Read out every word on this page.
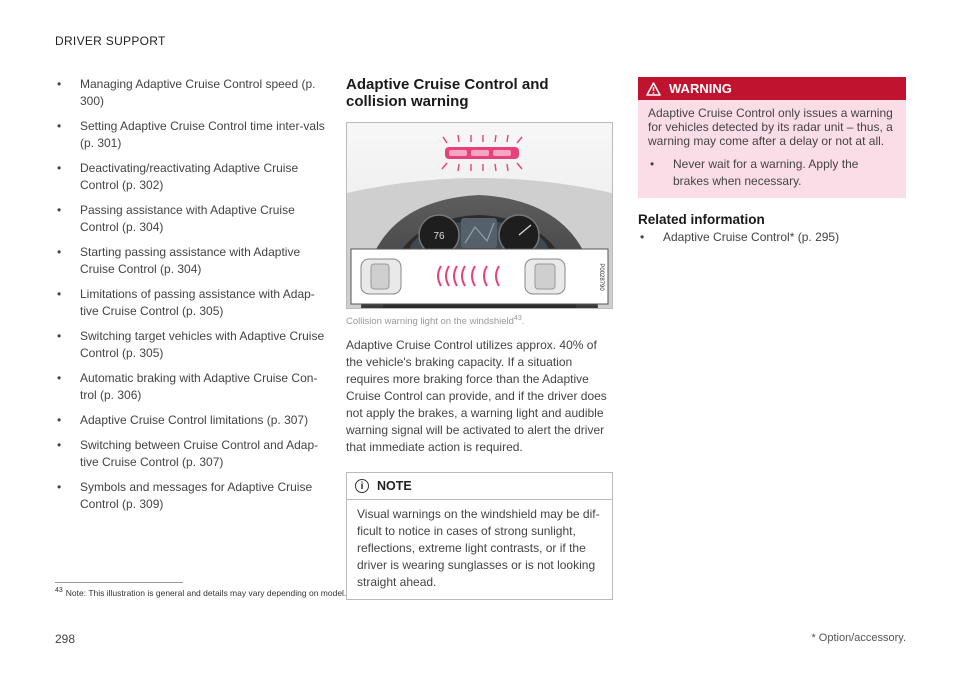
DRIVER SUPPORT
•	Managing Adaptive Cruise Control speed (p. 300)
•	Setting Adaptive Cruise Control time inter-vals (p. 301)
•	Deactivating/reactivating Adaptive Cruise Control (p. 302)
•	Passing assistance with Adaptive Cruise Control (p. 304)
•	Starting passing assistance with Adaptive Cruise Control (p. 304)
•	Limitations of passing assistance with Adap-tive Cruise Control (p. 305)
•	Switching target vehicles with Adaptive Cruise Control (p. 305)
•	Automatic braking with Adaptive Cruise Con-trol (p. 306)
•	Adaptive Cruise Control limitations (p. 307)
•	Switching between Cruise Control and Adap-tive Cruise Control (p. 307)
•	Symbols and messages for Adaptive Cruise Control (p. 309)
Adaptive Cruise Control and collision warning
76
P0028790
Collision warning light on the windshield$^{43}$.
Adaptive Cruise Control utilizes approx. 40% of the vehicle's braking capacity. If a situation requires more braking force than the Adaptive Cruise Control can provide, and if the driver does not apply the brakes, a warning light and audible warning signal will be activated to alert the driver that immediate action is required.
i	NOTE
Visual warnings on the windshield may be dif-ficult to notice in cases of strong sunlight, reflections, extreme light contrasts, or if the driver is wearing sunglasses or is not looking straight ahead.
WARNING
Adaptive Cruise Control only issues a warning for vehicles detected by its radar unit – thus, a warning may come after a delay or not at all.
•	Never wait for a warning. Apply the brakes when necessary.
Related information
•	Adaptive Cruise Control* (p. 295)
$^{43}$ Note: This illustration is general and details may vary depending on model.
298	* Option/accessory.
